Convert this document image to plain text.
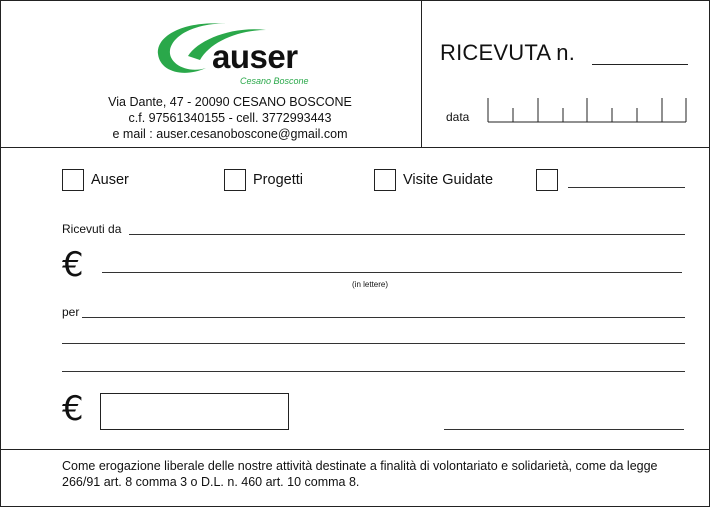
auser
Cesano Boscone
Via Dante, 47 - 20090 CESANO BOSCONE
c.f. 97561340155 - cell. 3772993443
e mail : auser.cesanoboscone@gmail.com
RICEVUTA n.
data
Auser	Progetti	Visite Guidate
Ricevuti da
€	(in lettere)
per
€
Come erogazione liberale delle nostre attività destinate a finalità di volontariato e solidarietà, come da legge 266/91 art. 8 comma 3 o D.L. n. 460 art. 10 comma 8.
